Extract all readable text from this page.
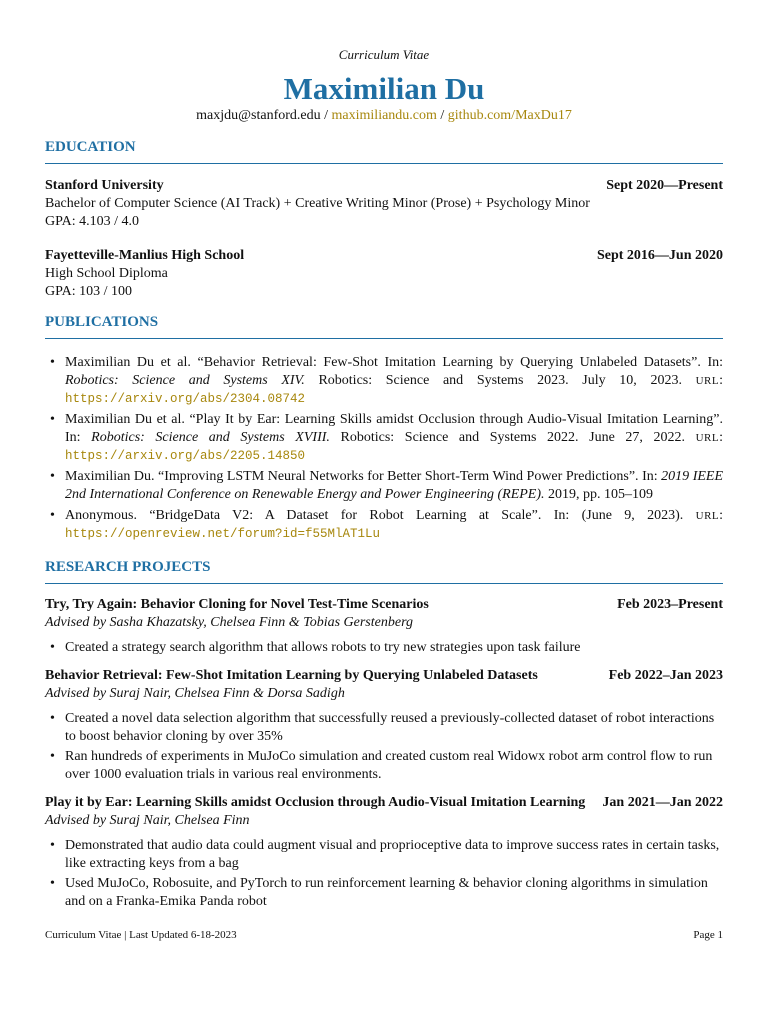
Curriculum Vitae
Maximilian Du
maxjdu@stanford.edu / maximiliandu.com / github.com/MaxDu17
EDUCATION
Stanford University	Sept 2020—Present
Bachelor of Computer Science (AI Track) + Creative Writing Minor (Prose) + Psychology Minor
GPA: 4.103 / 4.0
Fayetteville-Manlius High School	Sept 2016—Jun 2020
High School Diploma
GPA: 103 / 100
PUBLICATIONS
• Maximilian Du et al. “Behavior Retrieval: Few-Shot Imitation Learning by Querying Unlabeled Datasets”. In: Robotics: Science and Systems XIV. Robotics: Science and Systems 2023. July 10, 2023. URL: https://arxiv.org/abs/2304.08742
• Maximilian Du et al. “Play It by Ear: Learning Skills amidst Occlusion through Audio-Visual Imitation Learning”. In: Robotics: Science and Systems XVIII. Robotics: Science and Systems 2022. June 27, 2022. URL: https://arxiv.org/abs/2205.14850
• Maximilian Du. “Improving LSTM Neural Networks for Better Short-Term Wind Power Predictions”. In: 2019 IEEE 2nd International Conference on Renewable Energy and Power Engineering (REPE). 2019, pp. 105–109
• Anonymous. “BridgeData V2: A Dataset for Robot Learning at Scale”. In: (June 9, 2023). URL: https://openreview.net/forum?id=f55MlAT1Lu
RESEARCH PROJECTS
Try, Try Again: Behavior Cloning for Novel Test-Time Scenarios	Feb 2023–Present
Advised by Sasha Khazatsky, Chelsea Finn & Tobias Gerstenberg
• Created a strategy search algorithm that allows robots to try new strategies upon task failure
Behavior Retrieval: Few-Shot Imitation Learning by Querying Unlabeled Datasets	Feb 2022–Jan 2023
Advised by Suraj Nair, Chelsea Finn & Dorsa Sadigh
• Created a novel data selection algorithm that successfully reused a previously-collected dataset of robot interactions to boost behavior cloning by over 35%
• Ran hundreds of experiments in MuJoCo simulation and created custom real Widowx robot arm control flow to run over 1000 evaluation trials in various real environments.
Play it by Ear: Learning Skills amidst Occlusion through Audio-Visual Imitation Learning Jan 2021—Jan 2022
Advised by Suraj Nair, Chelsea Finn
• Demonstrated that audio data could augment visual and proprioceptive data to improve success rates in certain tasks, like extracting keys from a bag
• Used MuJoCo, Robosuite, and PyTorch to run reinforcement learning & behavior cloning algorithms in simulation and on a Franka-Emika Panda robot
Curriculum Vitae | Last Updated 6-18-2023	Page 1
